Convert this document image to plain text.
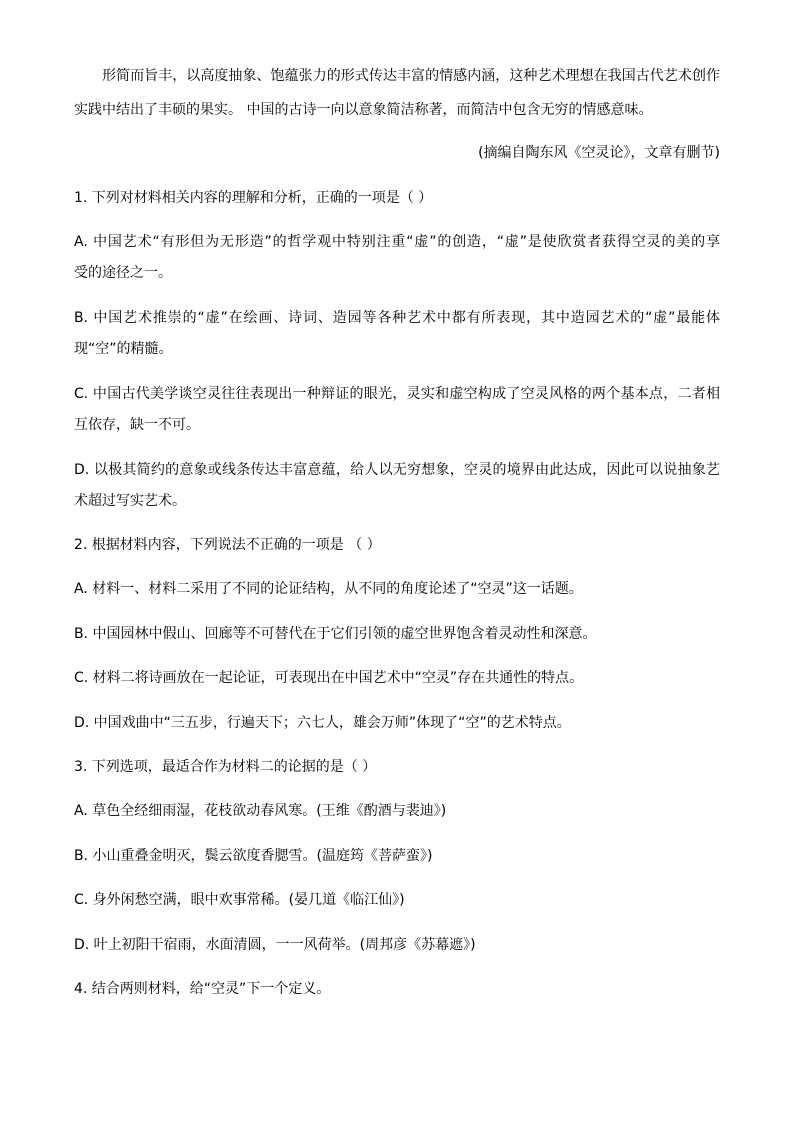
形简而旨丰，以高度抽象、饱蕴张力的形式传达丰富的情感内涵，这种艺术理想在我国古代艺术创作
实践中结出了丰硕的果实。 中国的古诗一向以意象简洁称著，而简洁中包含无穷的情感意味。
(摘编自陶东风《空灵论》，文章有删节)
1. 下列对材料相关内容的理解和分析，正确的一项是（ ）
A. 中国艺术“有形但为无形造”的哲学观中特别注重“虚”的创造，“虚”是使欣赏者获得空灵的美的享
受的途径之一。
B. 中国艺术推崇的“虚”在绘画、诗词、造园等各种艺术中都有所表现，其中造园艺术的“虚”最能体
现“空”的精髓。
C. 中国古代美学谈空灵往往表现出一种辩证的眼光，灵实和虚空构成了空灵风格的两个基本点，二者相
互依存，缺一不可。
D. 以极其简约的意象或线条传达丰富意蕴，给人以无穷想象，空灵的境界由此达成，因此可以说抽象艺
术超过写实艺术。
2. 根据材料内容，下列说法不正确的一项是 （ ）
A. 材料一、材料二采用了不同的论证结构，从不同的角度论述了“空灵”这一话题。
B. 中国园林中假山、回廊等不可替代在于它们引领的虚空世界饱含着灵动性和深意。
C. 材料二将诗画放在一起论证，可表现出在中国艺术中“空灵”存在共通性的特点。
D. 中国戏曲中“三五步，行遍天下；六七人，雄会万师”体现了“空”的艺术特点。
3. 下列选项，最适合作为材料二的论据的是（ ）
A. 草色全经细雨湿，花枝欲动春风寒。(王维《酌酒与裴迪》)
B. 小山重叠金明灭，鬓云欲度香腮雪。(温庭筠《菩萨蛮》)
C. 身外闲愁空满，眼中欢事常稀。(晏几道《临江仙》)
D. 叶上初阳干宿雨，水面清圆，一一风荷举。(周邦彦《苏幕遮》)
4. 结合两则材料，给“空灵”下一个定义。
